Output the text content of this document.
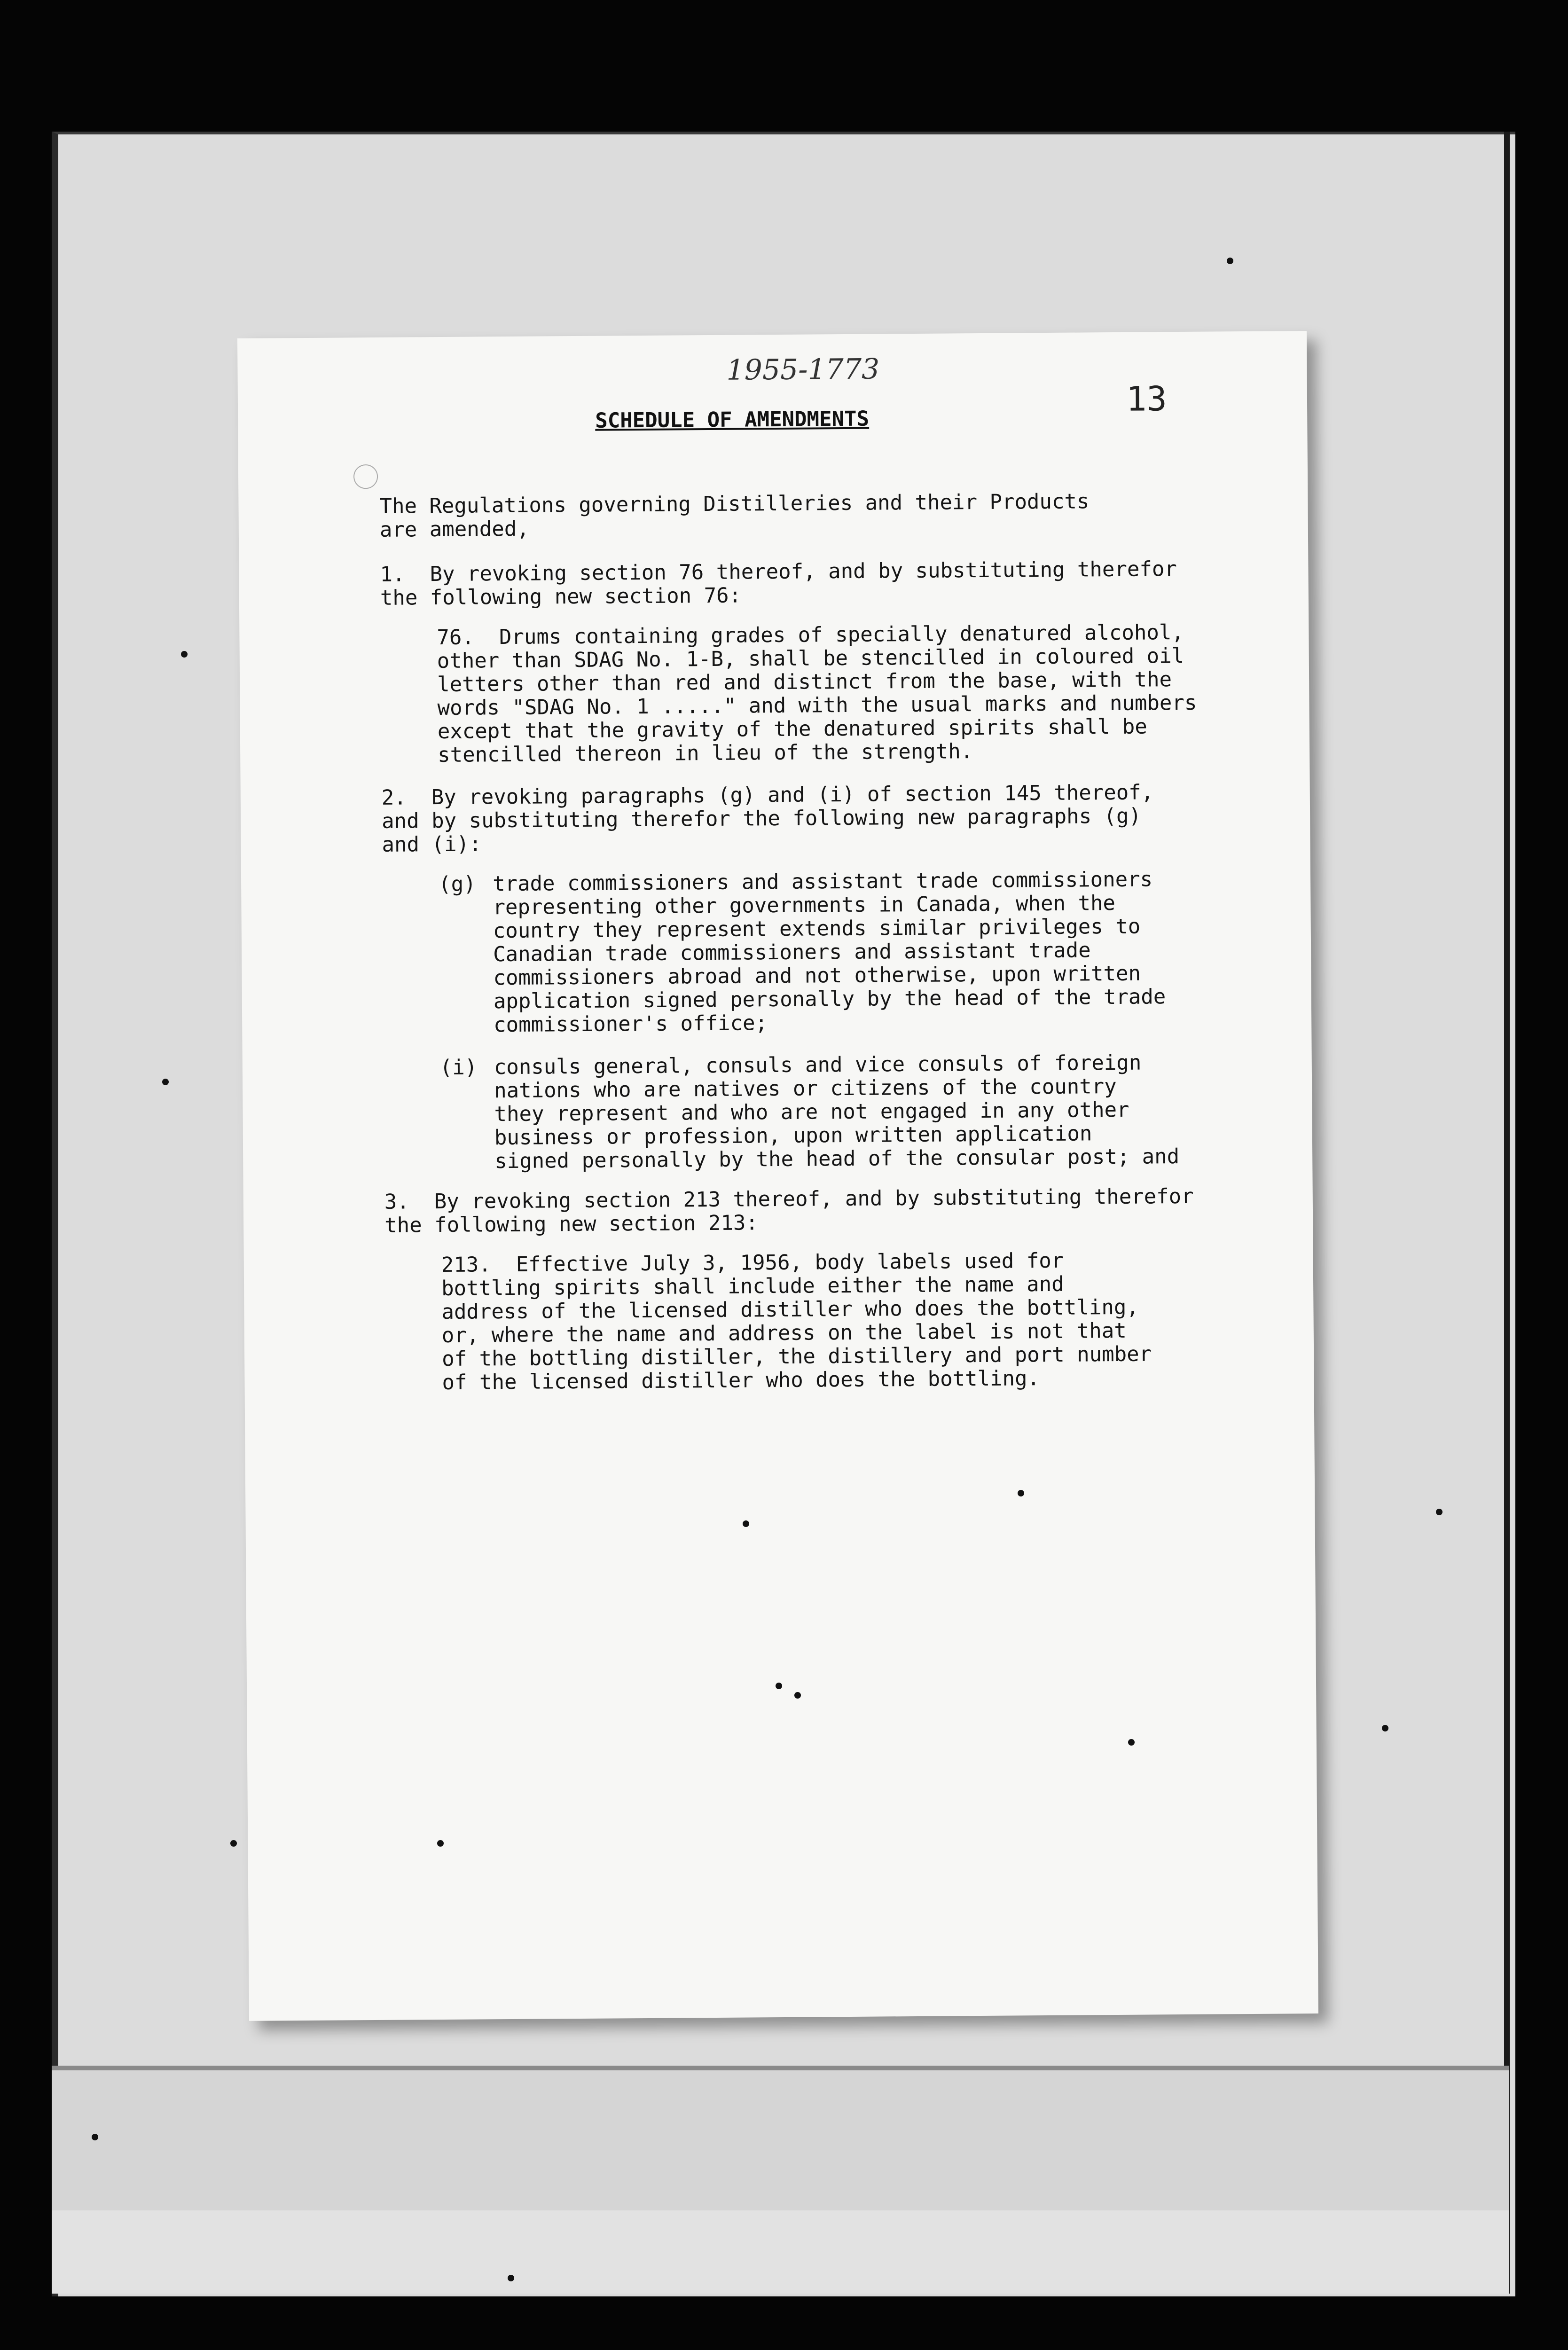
1955-1773
13
SCHEDULE OF AMENDMENTS
The Regulations governing Distilleries and their Products
are amended,
1.  By revoking section 76 thereof, and by substituting therefor
the following new section 76:
76.  Drums containing grades of specially denatured alcohol,
other than SDAG No. 1-B, shall be stencilled in coloured oil
letters other than red and distinct from the base, with the
words "SDAG No. 1 ....." and with the usual marks and numbers
except that the gravity of the denatured spirits shall be
stencilled thereon in lieu of the strength.
2.  By revoking paragraphs (g) and (i) of section 145 thereof,
and by substituting therefor the following new paragraphs (g)
and (i):
(g) trade commissioners and assistant trade commissioners
representing other governments in Canada, when the
country they represent extends similar privileges to
Canadian trade commissioners and assistant trade
commissioners abroad and not otherwise, upon written
application signed personally by the head of the trade
commissioner's office;
(i) consuls general, consuls and vice consuls of foreign
nations who are natives or citizens of the country
they represent and who are not engaged in any other
business or profession, upon written application
signed personally by the head of the consular post; and
3.  By revoking section 213 thereof, and by substituting therefor
the following new section 213:
213.  Effective July 3, 1956, body labels used for
bottling spirits shall include either the name and
address of the licensed distiller who does the bottling,
or, where the name and address on the label is not that
of the bottling distiller, the distillery and port number
of the licensed distiller who does the bottling.
